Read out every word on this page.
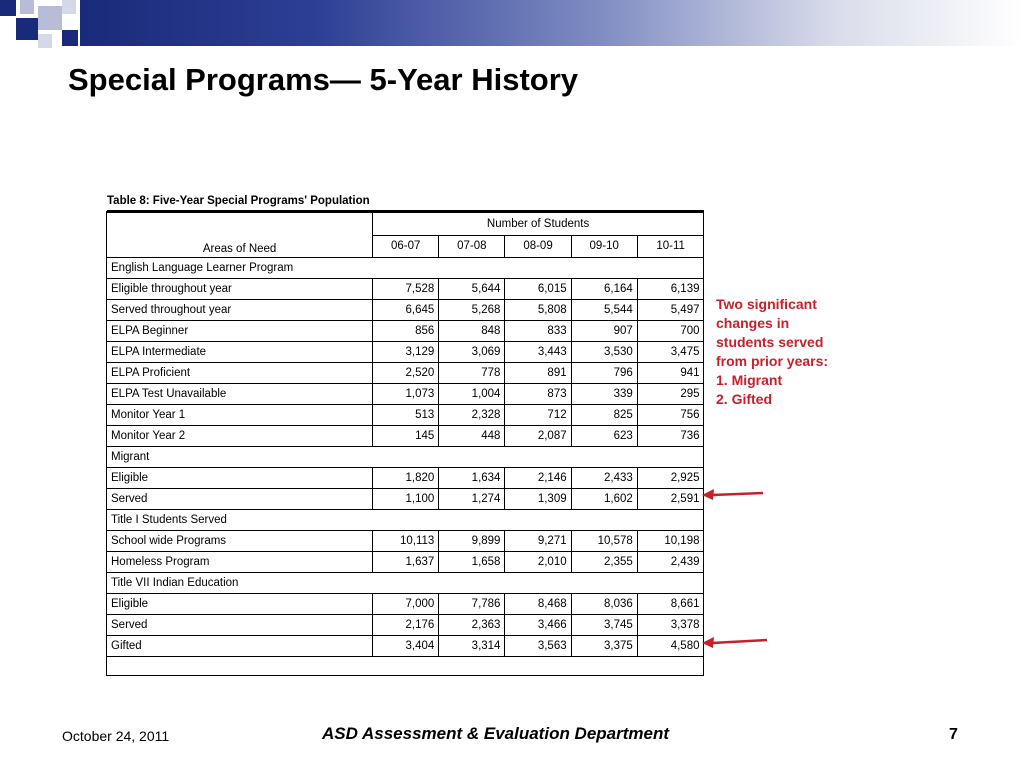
Special Programs— 5-Year History
Table 8: Five-Year Special Programs' Population
Areas of Need	Number of Students				
	06-07	07-08	08-09	09-10	10-11
English Language Learner Program					
Eligible throughout year	7,528	5,644	6,015	6,164	6,139
Served throughout year	6,645	5,268	5,808	5,544	5,497
ELPA Beginner	856	848	833	907	700
ELPA Intermediate	3,129	3,069	3,443	3,530	3,475
ELPA Proficient	2,520	778	891	796	941
ELPA Test Unavailable	1,073	1,004	873	339	295
Monitor Year 1	513	2,328	712	825	756
Monitor Year 2	145	448	2,087	623	736
Migrant					
Eligible	1,820	1,634	2,146	2,433	2,925
Served	1,100	1,274	1,309	1,602	2,591
Title I Students Served					
School wide Programs	10,113	9,899	9,271	10,578	10,198
Homeless Program	1,637	1,658	2,010	2,355	2,439
Title VII Indian Education					
Eligible	7,000	7,786	8,468	8,036	8,661
Served	2,176	2,363	3,466	3,745	3,378
Gifted	3,404	3,314	3,563	3,375	4,580

Two significant
changes in
students served
from prior years:
1. Migrant
2. Gifted

October 24, 2011	ASD Assessment & Evaluation Department	7
